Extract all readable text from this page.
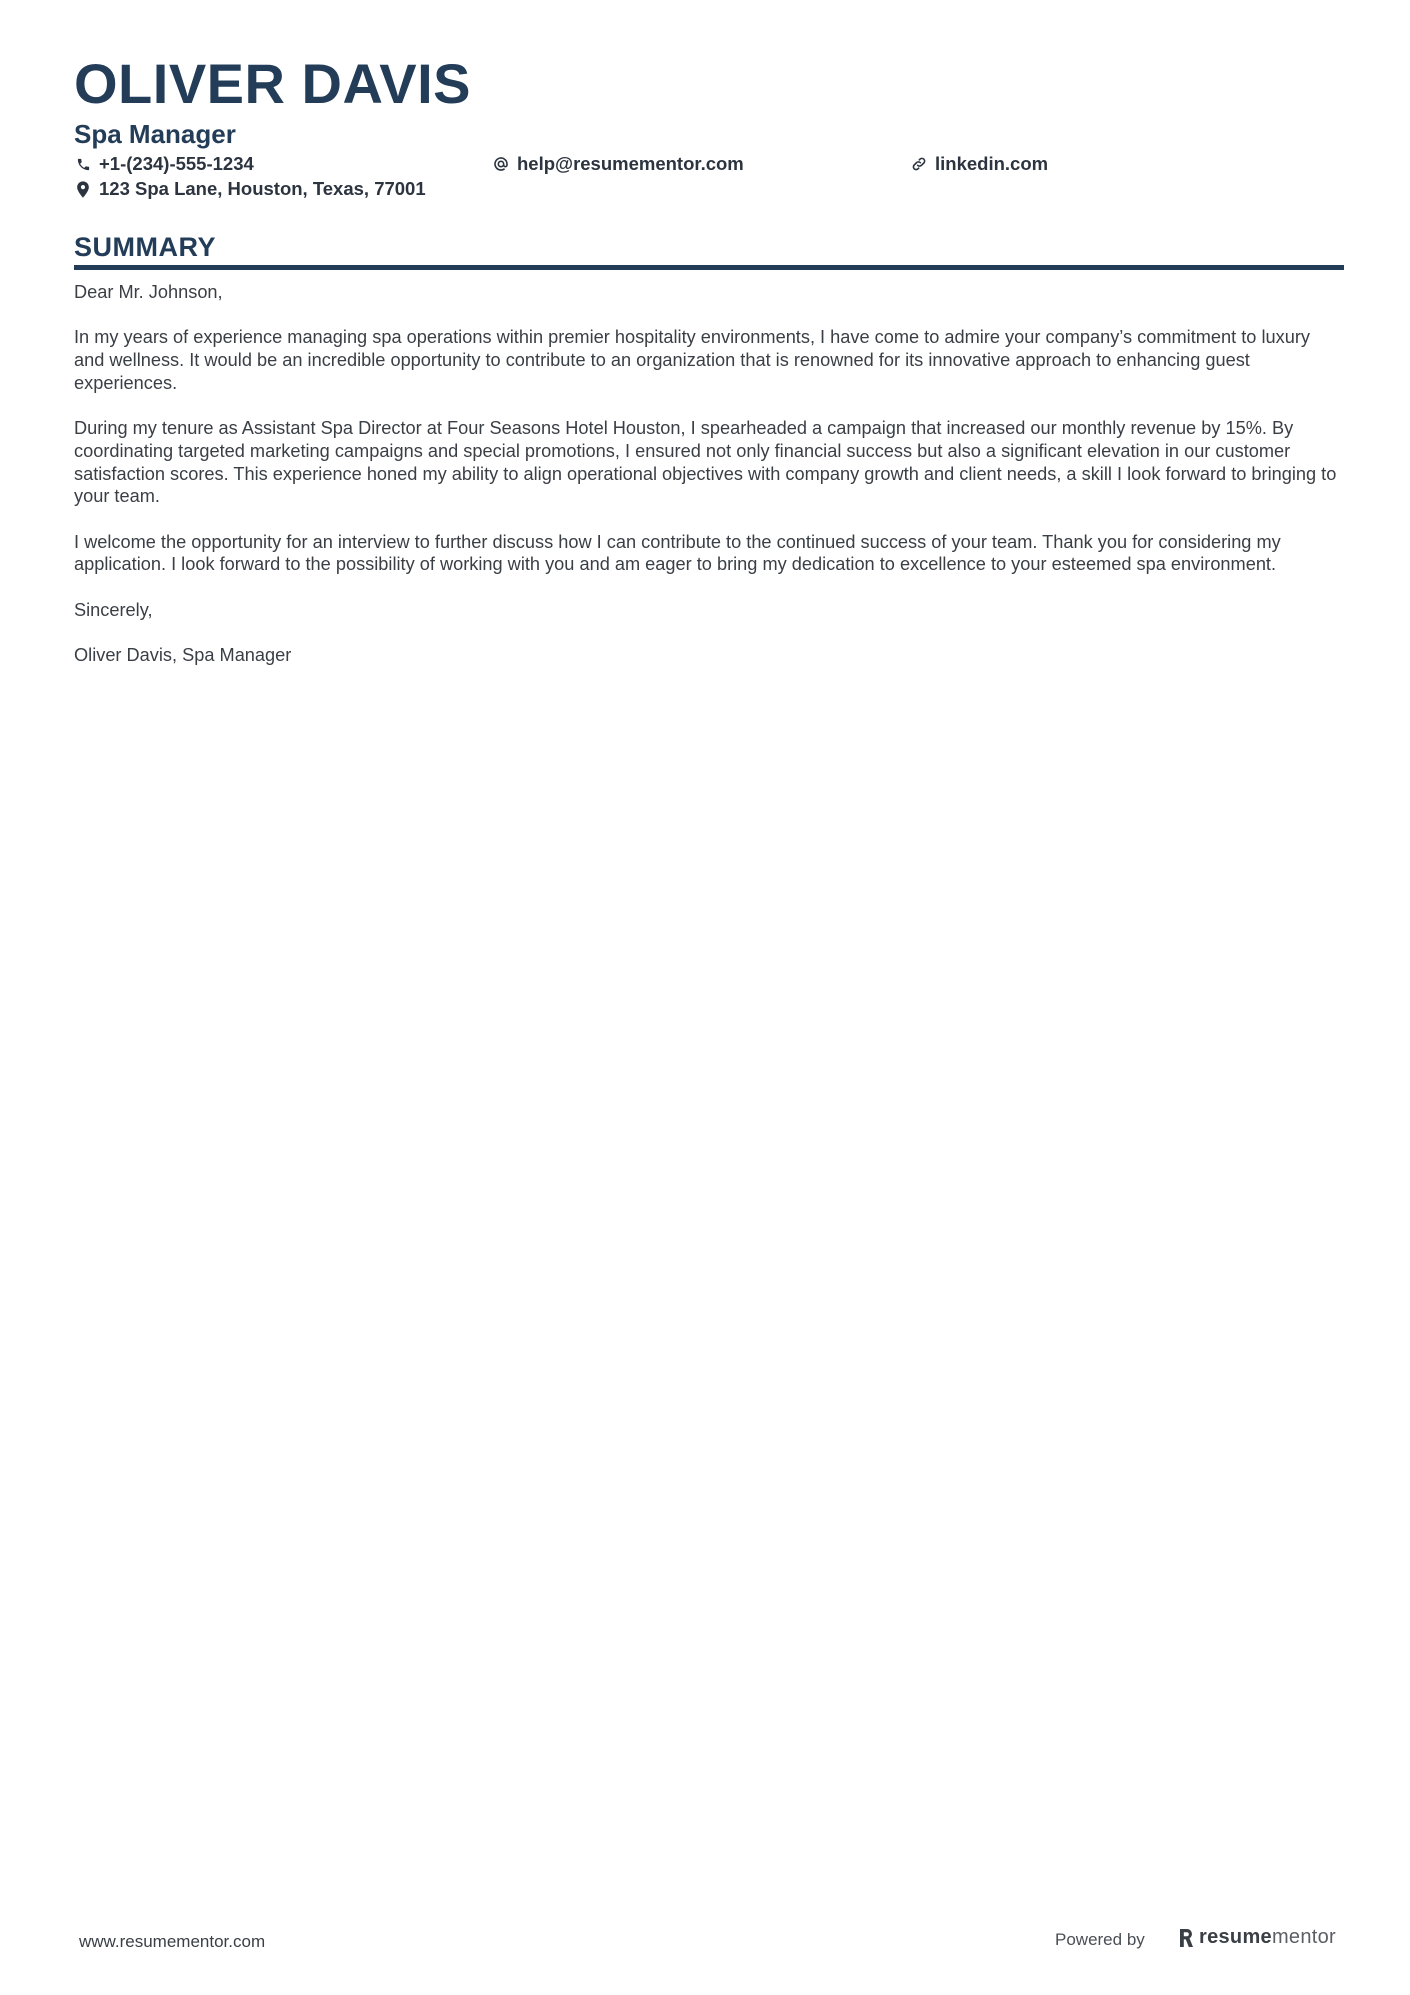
OLIVER DAVIS
Spa Manager
+1-(234)-555-1234	help@resumementor.com	linkedin.com
123 Spa Lane, Houston, Texas, 77001
SUMMARY

Dear Mr. Johnson,

In my years of experience managing spa operations within premier hospitality environments, I have come to admire your company’s commitment to luxury and wellness. It would be an incredible opportunity to contribute to an organization that is renowned for its innovative approach to enhancing guest experiences.

During my tenure as Assistant Spa Director at Four Seasons Hotel Houston, I spearheaded a campaign that increased our monthly revenue by 15%. By coordinating targeted marketing campaigns and special promotions, I ensured not only financial success but also a significant elevation in our customer satisfaction scores. This experience honed my ability to align operational objectives with company growth and client needs, a skill I look forward to bringing to your team.

I welcome the opportunity for an interview to further discuss how I can contribute to the continued success of your team. Thank you for considering my application. I look forward to the possibility of working with you and am eager to bring my dedication to excellence to your esteemed spa environment.

Sincerely,

Oliver Davis, Spa Manager

www.resumementor.com	Powered by	resume mentor
